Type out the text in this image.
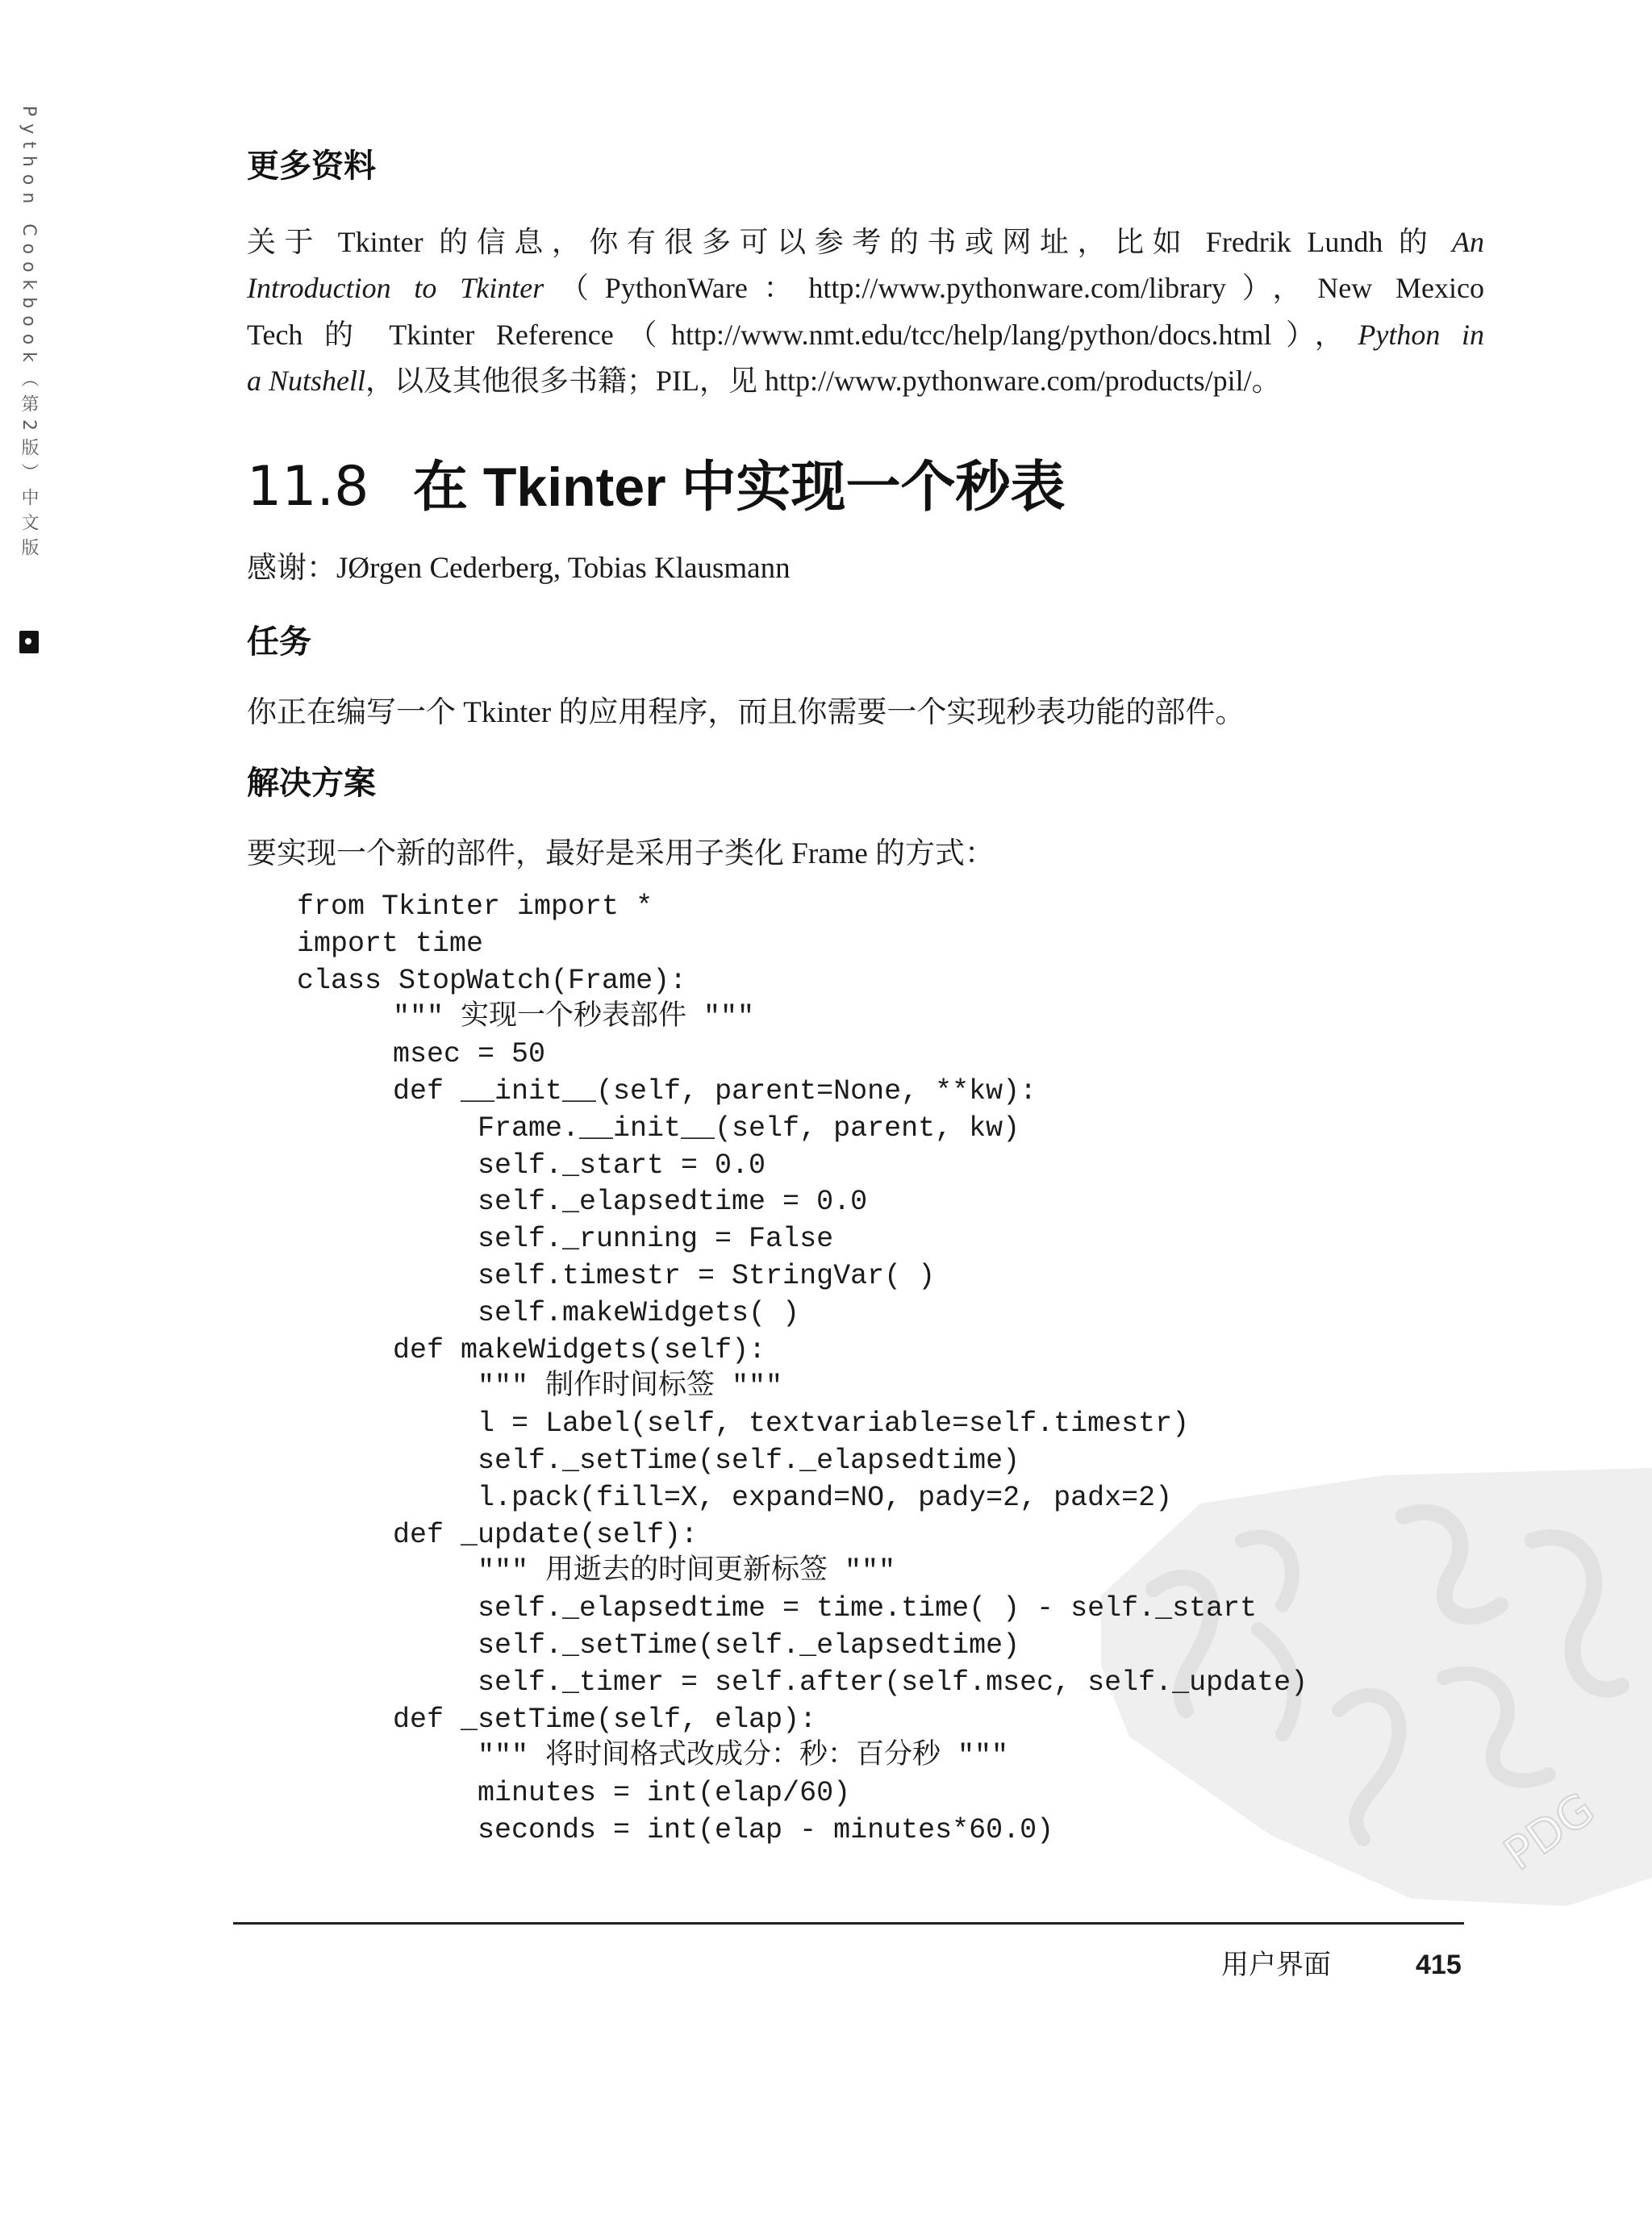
PDG
Python Cookbook（第2版）中文版	更多资料
关于 Tkinter 的信息，你有很多可以参考的书或网址，比如 Fredrik Lundh 的 An
Introduction to Tkinter（PythonWare：http://www.pythonware.com/library），New Mexico
Tech 的 Tkinter Reference（http://www.nmt.edu/tcc/help/lang/python/docs.html），Python in
a Nutshell，以及其他很多书籍；PIL，见 http://www.pythonware.com/products/pil/。
11.8 在 Tkinter 中实现一个秒表
感谢：JØrgen Cederberg, Tobias Klausmann
任务
你正在编写一个 Tkinter 的应用程序，而且你需要一个实现秒表功能的部件。
解决方案
要实现一个新的部件，最好是采用子类化 Frame 的方式：
from Tkinter import *
import time
class StopWatch(Frame):
""" 实现一个秒表部件 """
msec = 50
def __init__(self, parent=None, **kw):
Frame.__init__(self, parent, kw)
self._start = 0.0
self._elapsedtime = 0.0
self._running = False
self.timestr = StringVar( )
self.makeWidgets( )
def makeWidgets(self):
""" 制作时间标签 """
l = Label(self, textvariable=self.timestr)
self._setTime(self._elapsedtime)
l.pack(fill=X, expand=NO, pady=2, padx=2)
def _update(self):
""" 用逝去的时间更新标签 """
self._elapsedtime = time.time( ) - self._start
self._setTime(self._elapsedtime)
self._timer = self.after(self.msec, self._update)
def _setTime(self, elap):
""" 将时间格式改成分：秒：百分秒 """
minutes = int(elap/60)
seconds = int(elap - minutes*60.0)
用户界面	415
